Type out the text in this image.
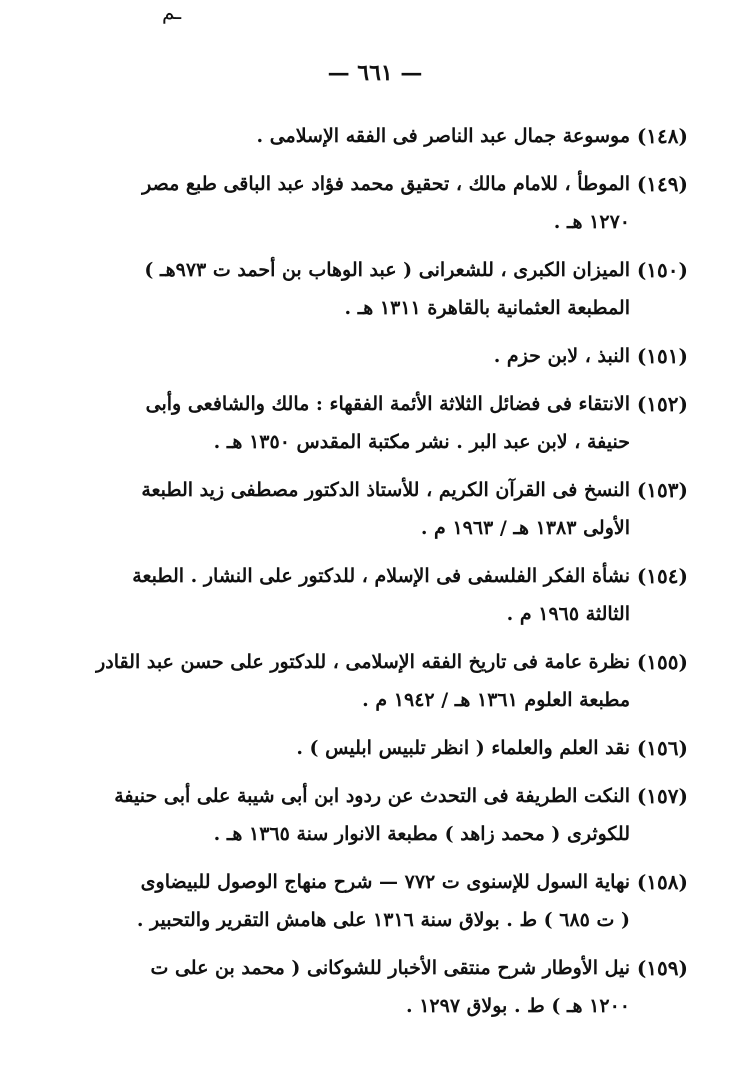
ـم
— ٦٦١ —
(١٤٨)
موسوعة جمال عبد الناصر فى الفقه الإسلامى .
(١٤٩)
الموطأ ، للامام مالك ، تحقيق محمد فؤاد عبد الباقى طبع مصر
١٢٧٠ هـ .
(١٥٠)
الميزان الكبرى ، للشعرانى ( عبد الوهاب بن أحمد ت ٩٧٣هـ )
المطبعة العثمانية بالقاهرة ١٣١١ هـ .
(١٥١)
النبذ ، لابن حزم .
(١٥٢)
الانتقاء فى فضائل الثلاثة الأئمة الفقهاء : مالك والشافعى وأبى
حنيفة ، لابن عبد البر . نشر مكتبة المقدس ١٣٥٠ هـ .
(١٥٣)
النسخ فى القرآن الكريم ، للأستاذ الدكتور مصطفى زيد الطبعة
الأولى ١٣٨٣ هـ / ١٩٦٣ م .
(١٥٤)
نشأة الفكر الفلسفى فى الإسلام ، للدكتور على النشار . الطبعة
الثالثة ١٩٦٥ م .
(١٥٥)
نظرة عامة فى تاريخ الفقه الإسلامى ، للدكتور على حسن عبد القادر
مطبعة العلوم ١٣٦١ هـ / ١٩٤٢ م .
(١٥٦)
نقد العلم والعلماء ( انظر تلبيس ابليس ) .
(١٥٧)
النكت الطريفة فى التحدث عن ردود ابن أبى شيبة على أبى حنيفة
للكوثرى ( محمد زاهد ) مطبعة الانوار سنة ١٣٦٥ هـ .
(١٥٨)
نهاية السول للإسنوى ت ٧٧٢ — شرح منهاج الوصول للبيضاوى
( ت ٦٨٥ ) ط . بولاق سنة ١٣١٦ على هامش التقرير والتحبير .
(١٥٩)
نيل الأوطار شرح منتقى الأخبار للشوكانى ( محمد بن على ت
١٢٠٠ هـ ) ط . بولاق ١٢٩٧ .
